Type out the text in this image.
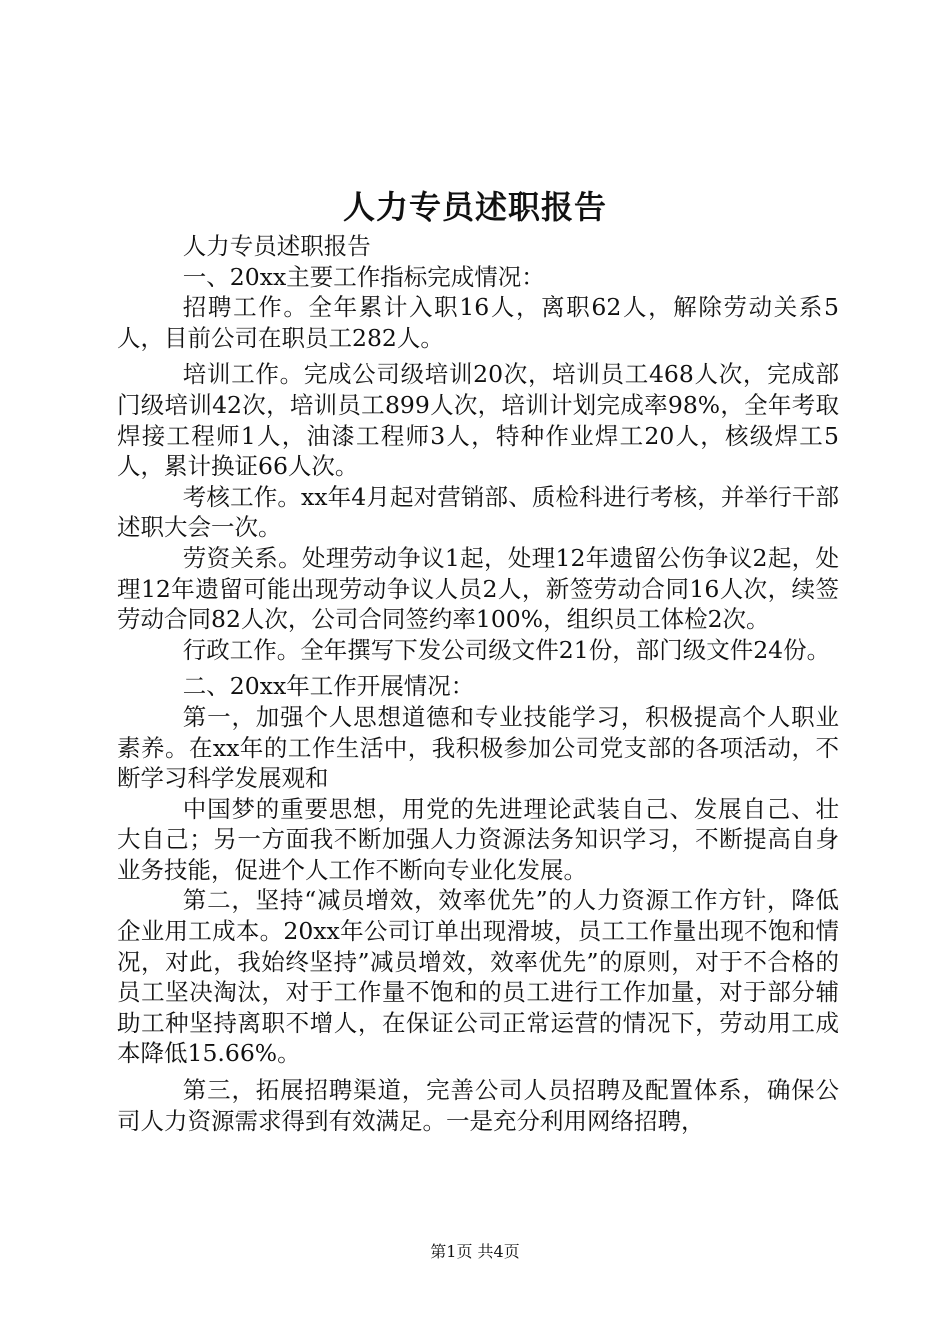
人力专员述职报告

人力专员述职报告

一、20xx主要工作指标完成情况：

招聘工作。全年累计入职16人，离职62人，解除劳动关系5人，目前公司在职员工282人。

培训工作。完成公司级培训20次，培训员工468人次，完成部门级培训42次，培训员工899人次，培训计划完成率98%，全年考取焊接工程师1人，油漆工程师3人，特种作业焊工20人，核级焊工5人，累计换证66人次。

考核工作。xx年4月起对营销部、质检科进行考核，并举行干部述职大会一次。

劳资关系。处理劳动争议1起，处理12年遗留公伤争议2起，处理12年遗留可能出现劳动争议人员2人，新签劳动合同16人次，续签劳动合同82人次，公司合同签约率100%，组织员工体检2次。

行政工作。全年撰写下发公司级文件21份，部门级文件24份。

二、20xx年工作开展情况：

第一，加强个人思想道德和专业技能学习，积极提高个人职业素养。在xx年的工作生活中，我积极参加公司党支部的各项活动，不断学习科学发展观和

中国梦的重要思想，用党的先进理论武装自己、发展自己、壮大自己；另一方面我不断加强人力资源法务知识学习，不断提高自身业务技能，促进个人工作不断向专业化发展。

第二，坚持“减员增效，效率优先”的人力资源工作方针，降低企业用工成本。20xx年公司订单出现滑坡，员工工作量出现不饱和情况，对此，我始终坚持”减员增效，效率优先”的原则，对于不合格的员工坚决淘汰，对于工作量不饱和的员工进行工作加量，对于部分辅助工种坚持离职不增人，在保证公司正常运营的情况下，劳动用工成本降低15.66%。

第三，拓展招聘渠道，完善公司人员招聘及配置体系，确保公司人力资源需求得到有效满足。一是充分利用网络招聘，

第1页 共4页
